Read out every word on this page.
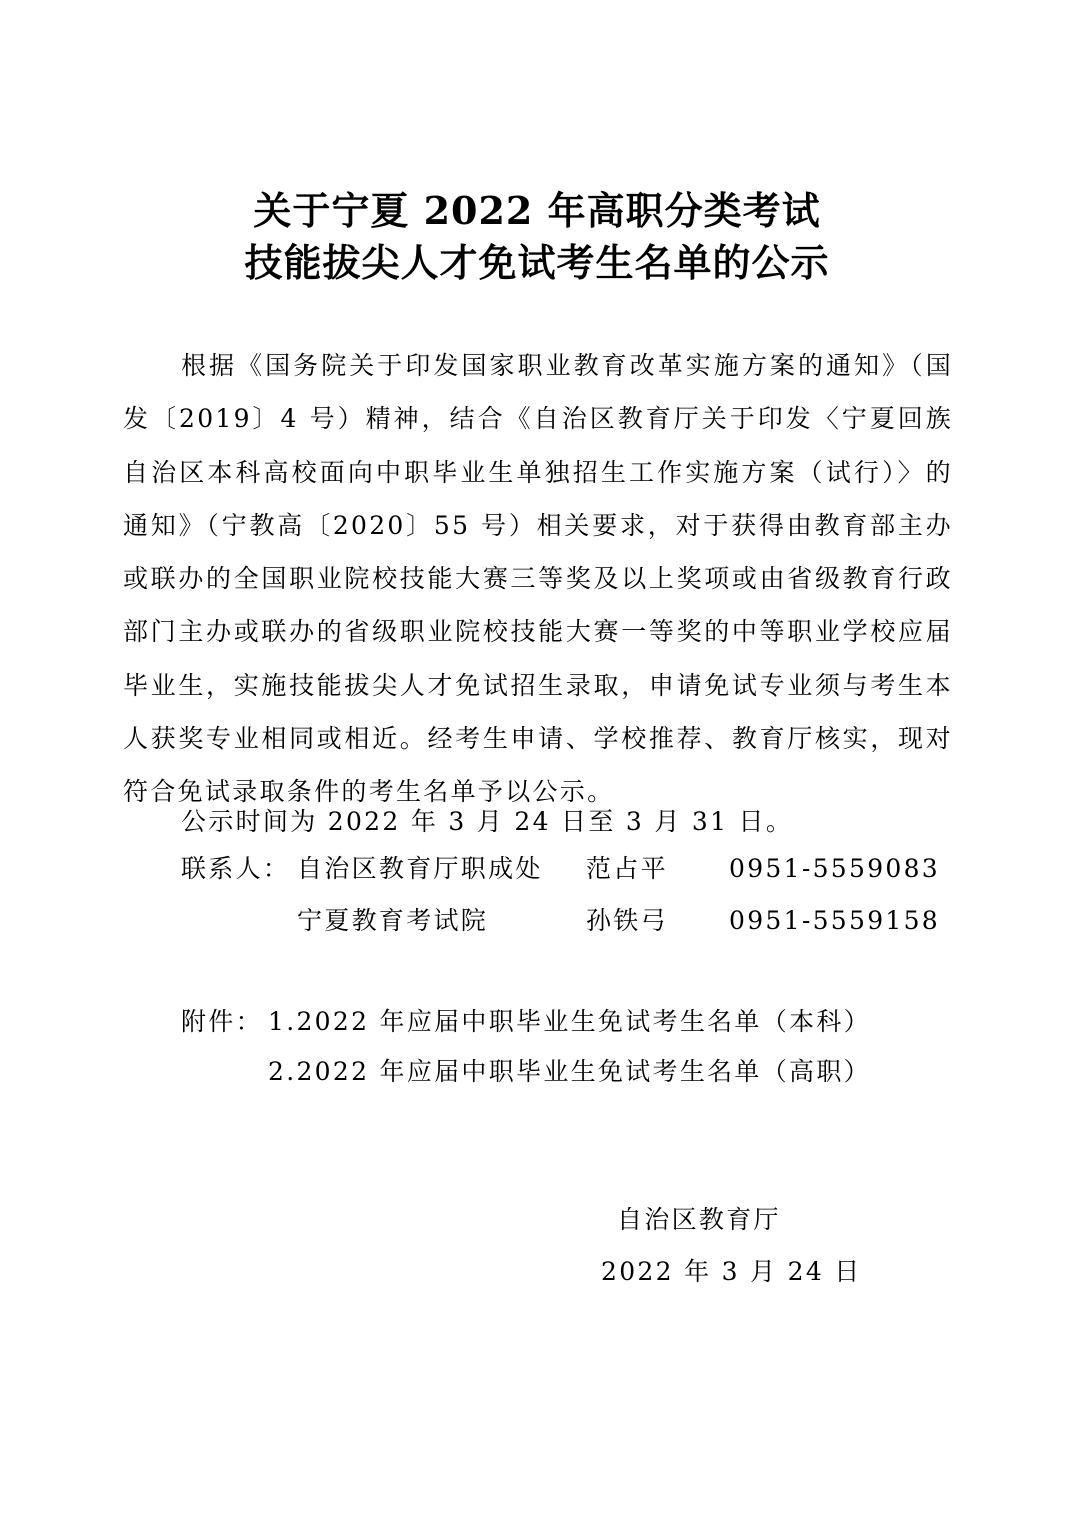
关于宁夏 2022 年高职分类考试
技能拔尖人才免试考生名单的公示

根据《国务院关于印发国家职业教育改革实施方案的通知》（国发〔2019〕4 号）精神，结合《自治区教育厅关于印发〈宁夏回族自治区本科高校面向中职毕业生单独招生工作实施方案（试行）〉的通知》（宁教高〔2020〕55 号）相关要求，对于获得由教育部主办或联办的全国职业院校技能大赛三等奖及以上奖项或由省级教育行政部门主办或联办的省级职业院校技能大赛一等奖的中等职业学校应届毕业生，实施技能拔尖人才免试招生录取，申请免试专业须与考生本人获奖专业相同或相近。经考生申请、学校推荐、教育厅核实，现对符合免试录取条件的考生名单予以公示。

公示时间为 2022 年 3 月 24 日至 3 月 31 日。
联系人： 自治区教育厅职成处 范占平 0951-5559083
宁夏教育考试院	孙铁弓 0951-5559158
附件： 1.2022 年应届中职毕业生免试考生名单（本科）
2.2022 年应届中职毕业生免试考生名单（高职）
自治区教育厅
2022 年 3 月 24 日
